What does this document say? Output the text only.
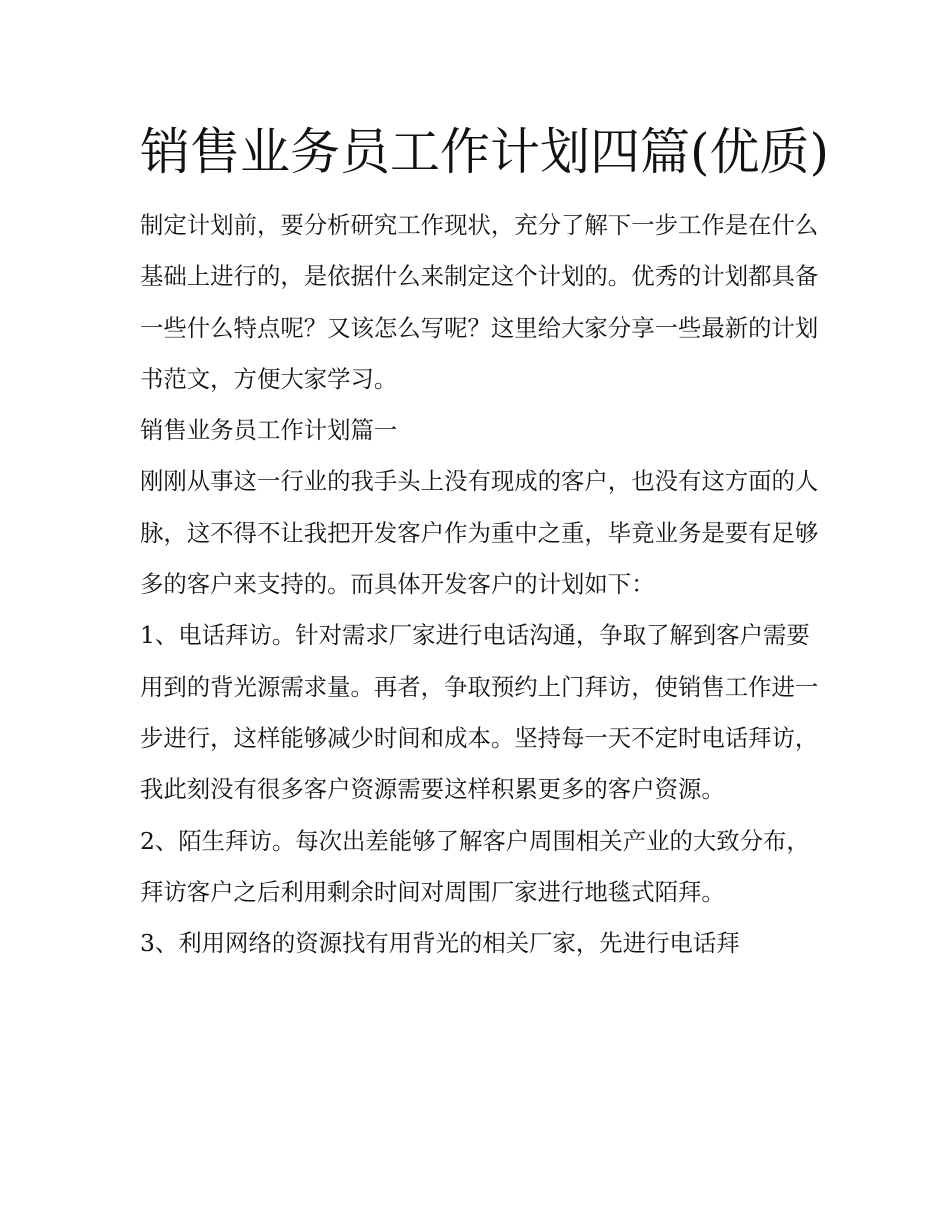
销售业务员工作计划四篇(优质)

制定计划前，要分析研究工作现状，充分了解下一步工作是在什么基础上进行的，是依据什么来制定这个计划的。优秀的计划都具备一些什么特点呢？又该怎么写呢？这里给大家分享一些最新的计划书范文，方便大家学习。

销售业务员工作计划篇一

刚刚从事这一行业的我手头上没有现成的客户，也没有这方面的人脉，这不得不让我把开发客户作为重中之重，毕竟业务是要有足够多的客户来支持的。而具体开发客户的计划如下：

1、电话拜访。针对需求厂家进行电话沟通，争取了解到客户需要用到的背光源需求量。再者，争取预约上门拜访，使销售工作进一步进行，这样能够减少时间和成本。坚持每一天不定时电话拜访，我此刻没有很多客户资源需要这样积累更多的客户资源。

2、陌生拜访。每次出差能够了解客户周围相关产业的大致分布，拜访客户之后利用剩余时间对周围厂家进行地毯式陌拜。

3、利用网络的资源找有用背光的相关厂家，先进行电话拜
